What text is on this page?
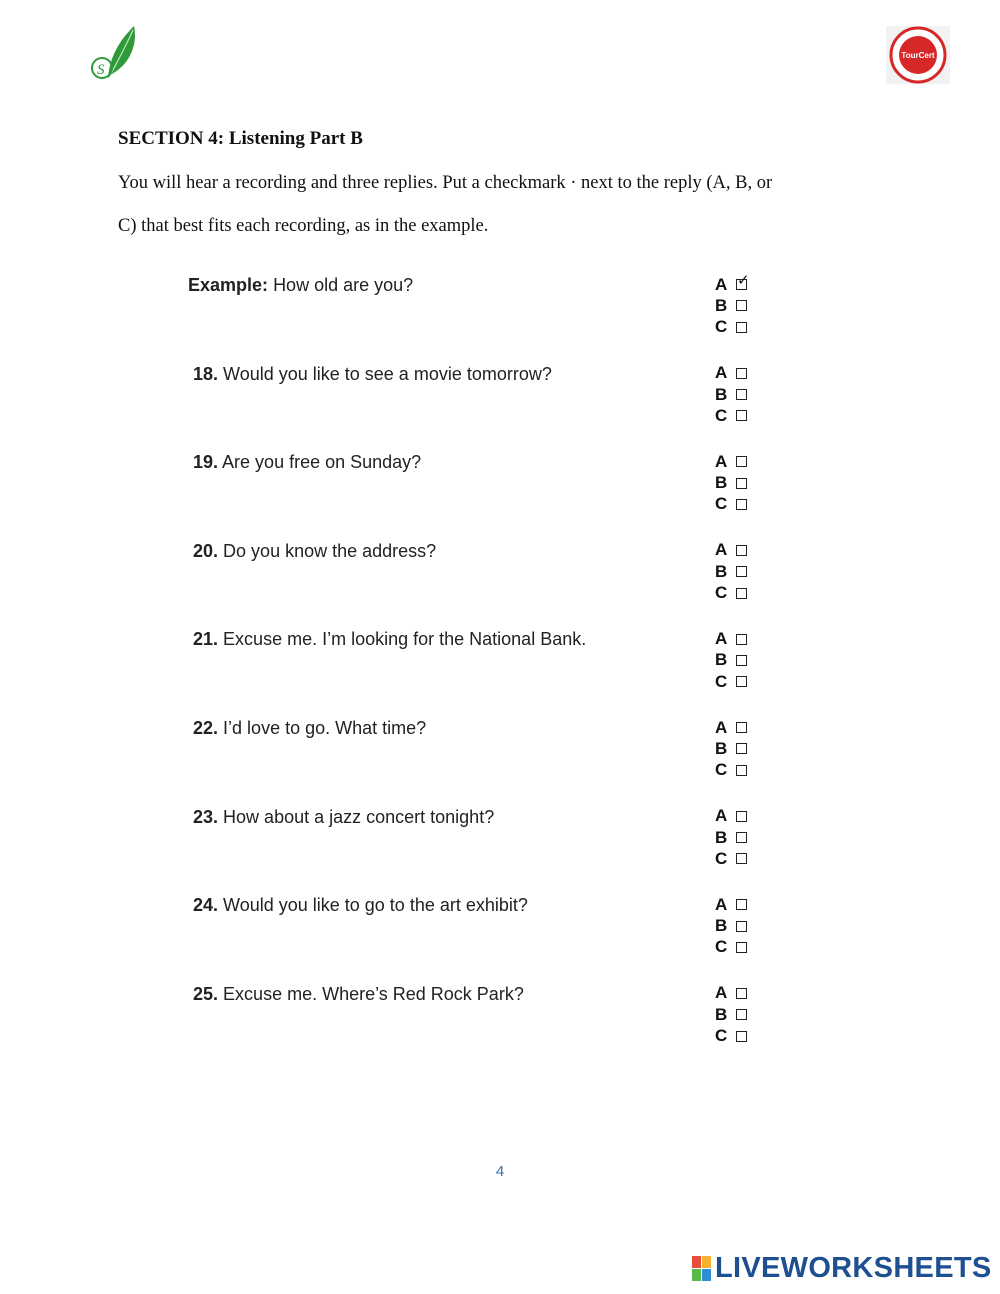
S
TourCert
SECTION 4: Listening Part B
You will hear a recording and three replies. Put a checkmark · next to the reply (A, B, or
C) that best fits each recording, as in the example.
Example: How old are you?	A ✓
B
C
18. Would you like to see a movie tomorrow?	A
B
C
19. Are you free on Sunday?	A
B
C
20. Do you know the address?	A
B
C
21. Excuse me. I’m looking for the National Bank.	A
B
C
22. I’d love to go. What time?	A
B
C
23. How about a jazz concert tonight?	A
B
C
24. Would you like to go to the art exhibit?	A
B
C
25. Excuse me. Where’s Red Rock Park?	A
B
C
4
LIVEWORKSHEETS
